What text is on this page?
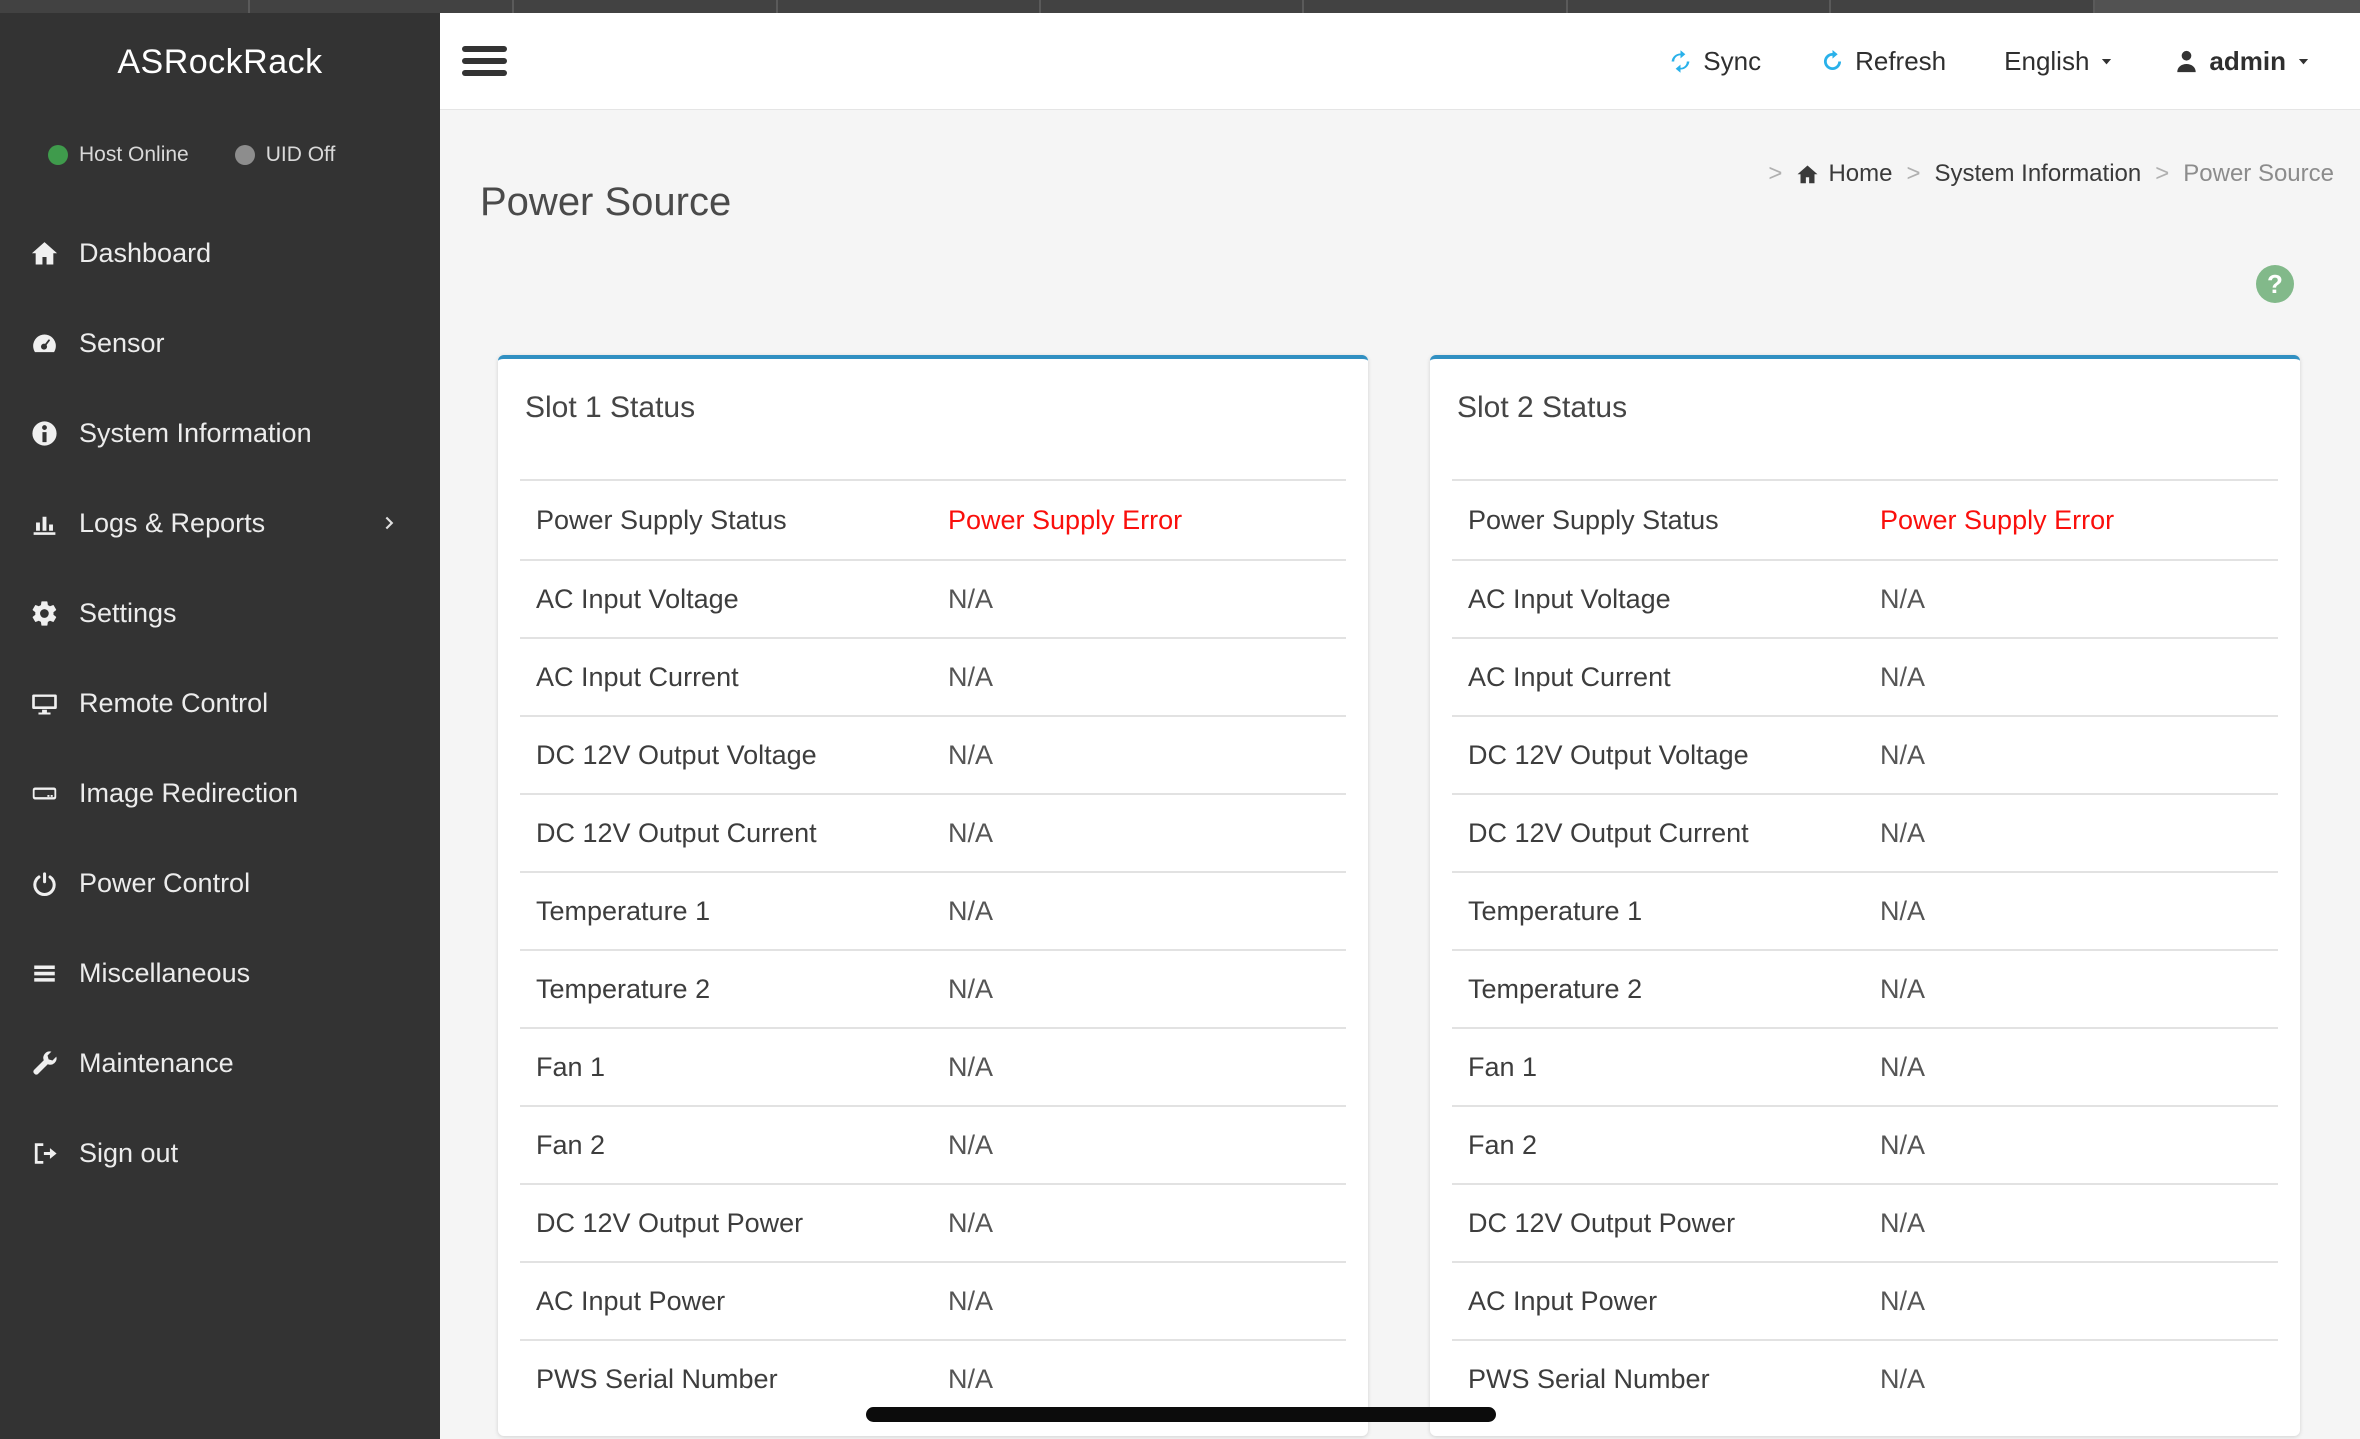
ASRockRack
Host Online	UID Off
Dashboard
Sensor
System Information
Logs & Reports
Settings
Remote Control
Image Redirection
Power Control
Miscellaneous
Maintenance
Sign out
Sync	Refresh English	admin
Power Source
> Home > System Information > Power Source
?
Slot 1 Status
Power Supply Status	Power Supply Error
AC Input Voltage	N/A
AC Input Current	N/A
DC 12V Output Voltage	N/A
DC 12V Output Current	N/A
Temperature 1	N/A
Temperature 2	N/A
Fan 1	N/A
Fan 2	N/A
DC 12V Output Power	N/A
AC Input Power	N/A
PWS Serial Number	N/A
Slot 2 Status
Power Supply Status	Power Supply Error
AC Input Voltage	N/A
AC Input Current	N/A
DC 12V Output Voltage	N/A
DC 12V Output Current	N/A
Temperature 1	N/A
Temperature 2	N/A
Fan 1	N/A
Fan 2	N/A
DC 12V Output Power	N/A
AC Input Power	N/A
PWS Serial Number	N/A
